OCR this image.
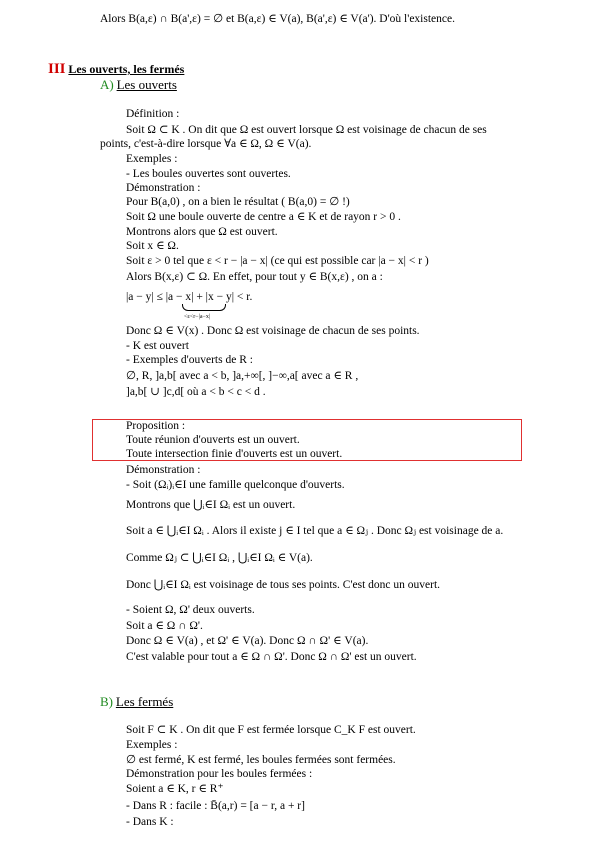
Alors B(a,ε) ∩ B(a',ε) = ∅ et B(a,ε) ∈ V(a), B(a',ε) ∈ V(a'). D'où l'existence.
III Les ouverts, les fermés
A) Les ouverts
Définition :
Soit Ω ⊂ K . On dit que Ω est ouvert lorsque Ω est voisinage de chacun de ses
points, c'est-à-dire lorsque ∀a ∈ Ω, Ω ∈ V(a).
Exemples :
- Les boules ouvertes sont ouvertes.
Démonstration :
Pour B(a,0) , on a bien le résultat ( B(a,0) = ∅ !)
Soit Ω une boule ouverte de centre a ∈ K et de rayon r > 0 .
Montrons alors que Ω est ouvert.
Soit x ∈ Ω.
Soit ε > 0 tel que ε < r − |a − x| (ce qui est possible car |a − x| < r )
Alors B(x,ε) ⊂ Ω. En effet, pour tout y ∈ B(x,ε) , on a :
|a − y| ≤ |a − x| + |x − y| < r.
<ε<r−|a−x|
Donc Ω ∈ V(x) . Donc Ω est voisinage de chacun de ses points.
- K est ouvert
- Exemples d'ouverts de R :
∅, R, ]a,b[ avec a < b, ]a,+∞[, ]−∞,a[ avec a ∈ R ,
]a,b[ ∪ ]c,d[ où a < b < c < d .
Proposition :
Toute réunion d'ouverts est un ouvert.
Toute intersection finie d'ouverts est un ouvert.
Démonstration :
- Soit (Ωᵢ)ᵢ∈I une famille quelconque d'ouverts.
Montrons que ⋃ᵢ∈I Ωᵢ est un ouvert.
Soit a ∈ ⋃ᵢ∈I Ωᵢ . Alors il existe j ∈ I tel que a ∈ Ωⱼ . Donc Ωⱼ est voisinage de a.
Comme Ωⱼ ⊂ ⋃ᵢ∈I Ωᵢ , ⋃ᵢ∈I Ωᵢ ∈ V(a).
Donc ⋃ᵢ∈I Ωᵢ est voisinage de tous ses points. C'est donc un ouvert.
- Soient Ω, Ω' deux ouverts.
Soit a ∈ Ω ∩ Ω'.
Donc Ω ∈ V(a) , et Ω' ∈ V(a). Donc Ω ∩ Ω' ∈ V(a).
C'est valable pour tout a ∈ Ω ∩ Ω'. Donc Ω ∩ Ω' est un ouvert.
B) Les fermés
Soit F ⊂ K . On dit que F est fermée lorsque C_K F est ouvert.
Exemples :
∅ est fermé, K est fermé, les boules fermées sont fermées.
Démonstration pour les boules fermées :
Soient a ∈ K, r ∈ R⁺
- Dans R : facile : B̄(a,r) = [a − r, a + r]
- Dans K :
